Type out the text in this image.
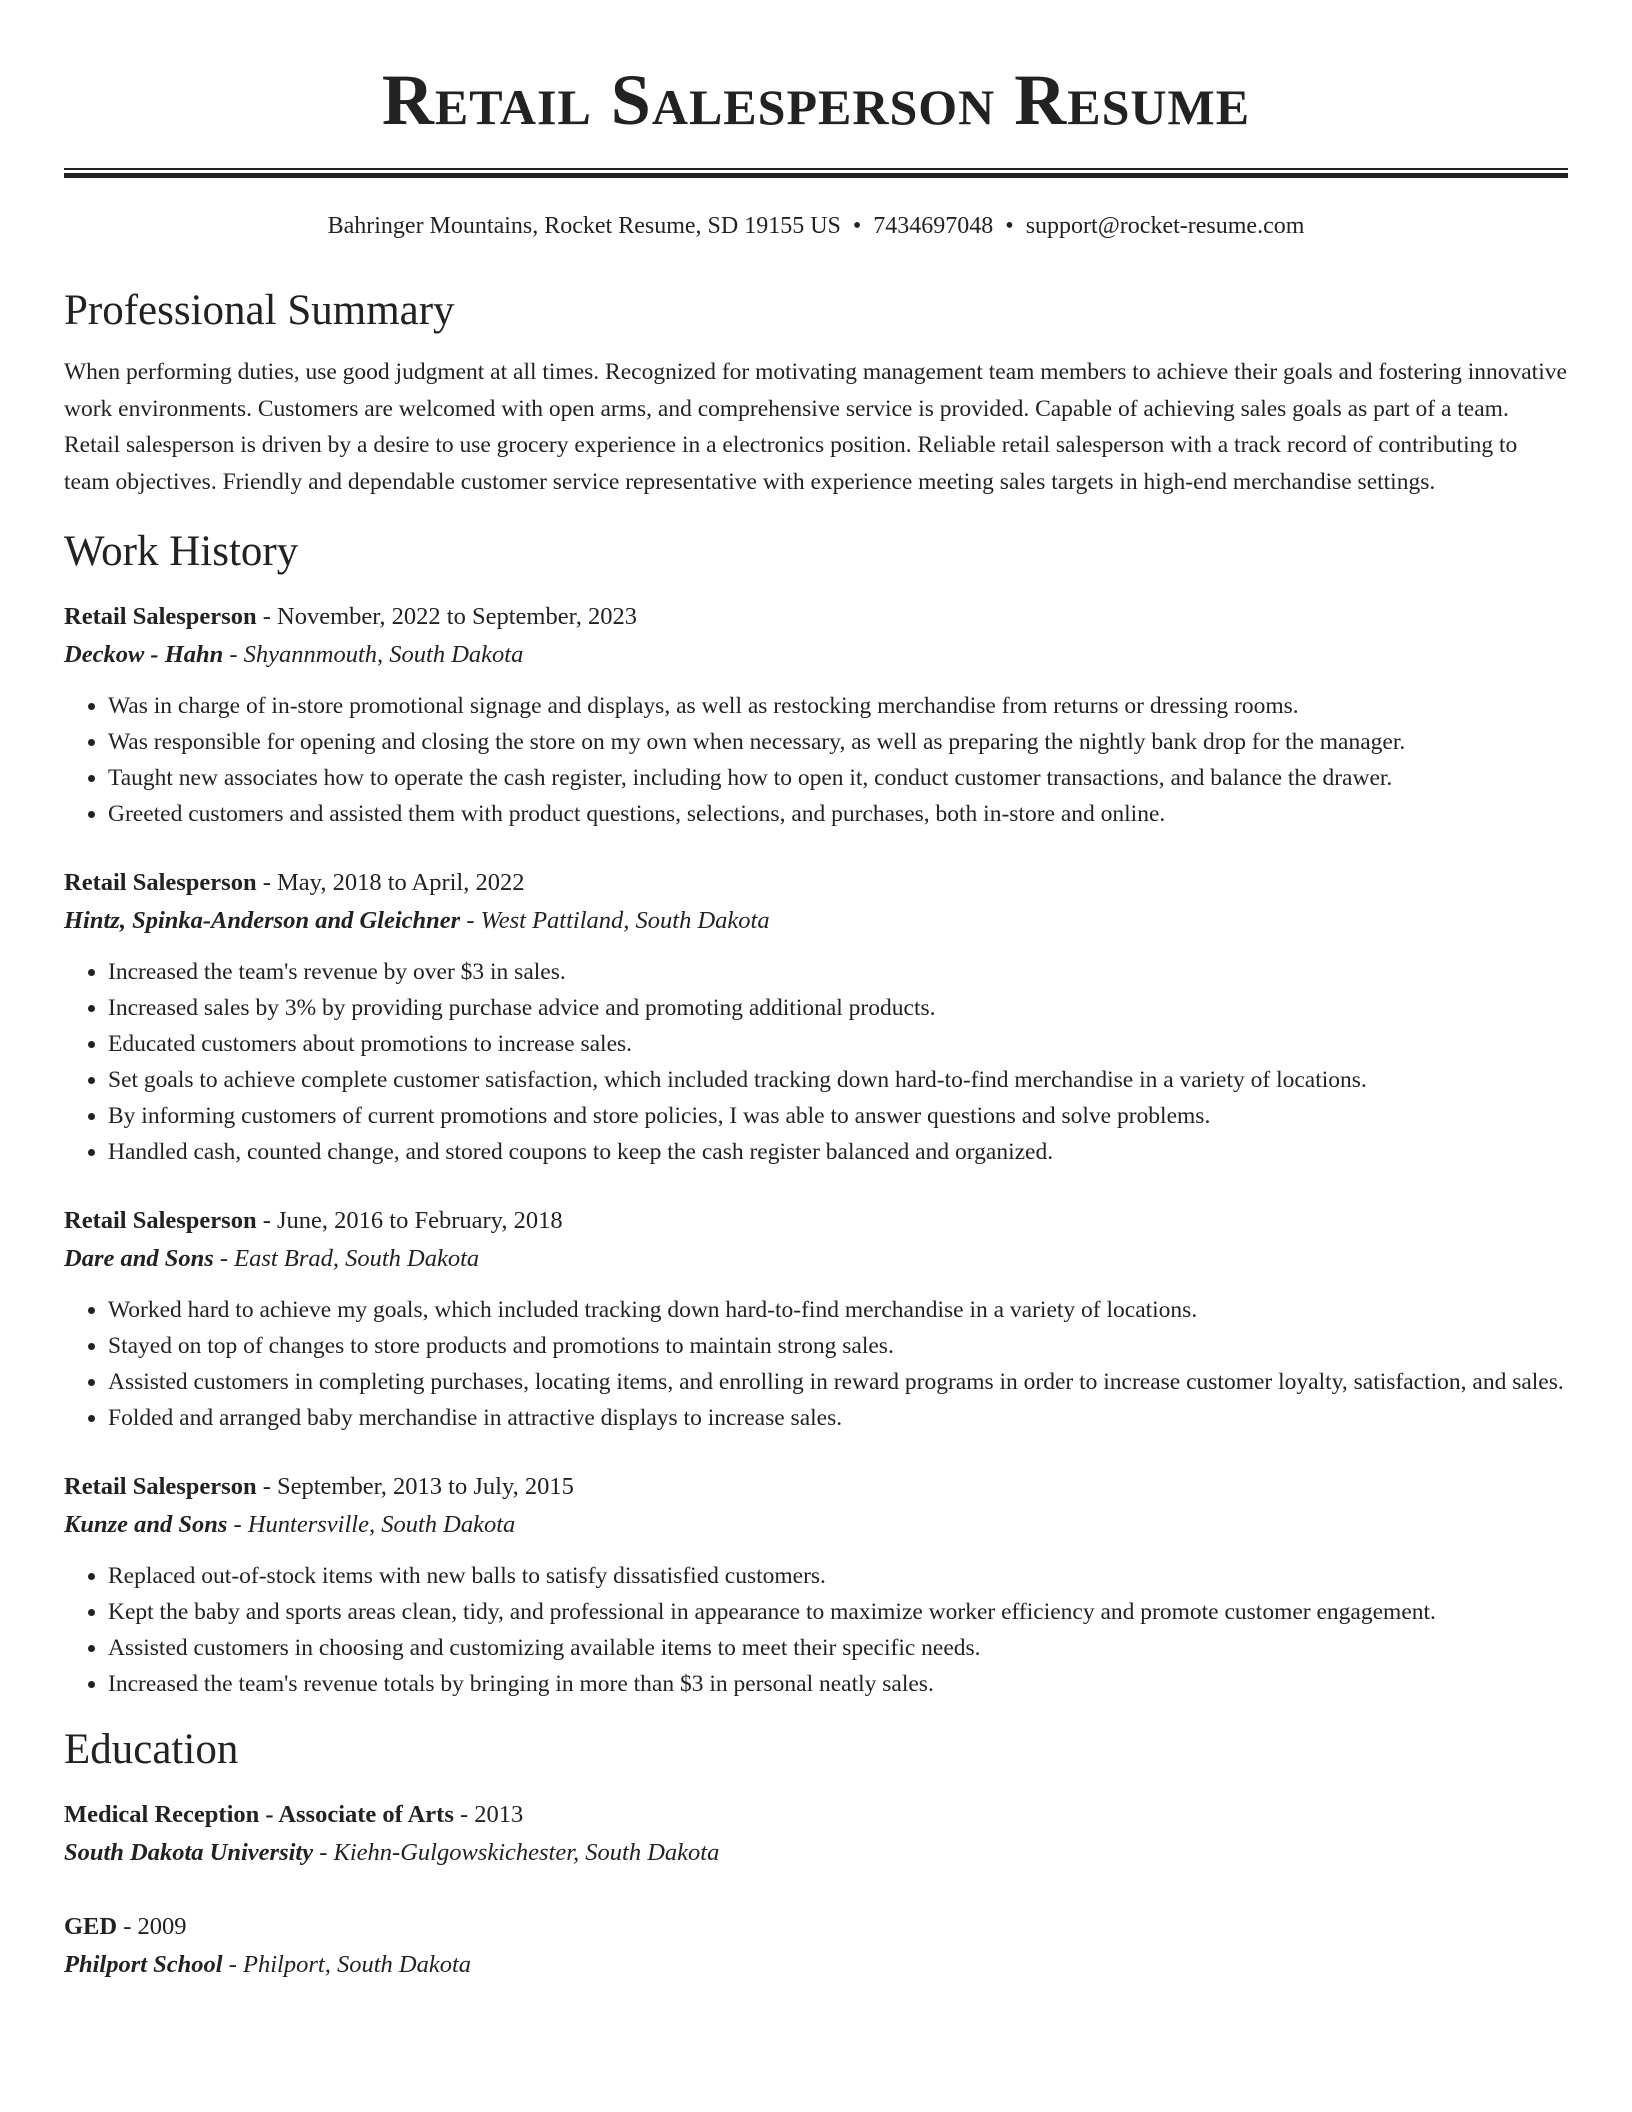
Retail Salesperson Resume
Bahringer Mountains, Rocket Resume, SD 19155 US • 7434697048 • support@rocket-resume.com
Professional Summary
When performing duties, use good judgment at all times. Recognized for motivating management team members to achieve their goals and fostering innovative work environments. Customers are welcomed with open arms, and comprehensive service is provided. Capable of achieving sales goals as part of a team. Retail salesperson is driven by a desire to use grocery experience in a electronics position. Reliable retail salesperson with a track record of contributing to team objectives. Friendly and dependable customer service representative with experience meeting sales targets in high-end merchandise settings.
Work History
Retail Salesperson - November, 2022 to September, 2023
Deckow - Hahn - Shyannmouth, South Dakota
• Was in charge of in-store promotional signage and displays, as well as restocking merchandise from returns or dressing rooms.
• Was responsible for opening and closing the store on my own when necessary, as well as preparing the nightly bank drop for the manager.
• Taught new associates how to operate the cash register, including how to open it, conduct customer transactions, and balance the drawer.
• Greeted customers and assisted them with product questions, selections, and purchases, both in-store and online.
Retail Salesperson - May, 2018 to April, 2022
Hintz, Spinka-Anderson and Gleichner - West Pattiland, South Dakota
• Increased the team's revenue by over $3 in sales.
• Increased sales by 3% by providing purchase advice and promoting additional products.
• Educated customers about promotions to increase sales.
• Set goals to achieve complete customer satisfaction, which included tracking down hard-to-find merchandise in a variety of locations.
• By informing customers of current promotions and store policies, I was able to answer questions and solve problems.
• Handled cash, counted change, and stored coupons to keep the cash register balanced and organized.
Retail Salesperson - June, 2016 to February, 2018
Dare and Sons - East Brad, South Dakota
• Worked hard to achieve my goals, which included tracking down hard-to-find merchandise in a variety of locations.
• Stayed on top of changes to store products and promotions to maintain strong sales.
• Assisted customers in completing purchases, locating items, and enrolling in reward programs in order to increase customer loyalty, satisfaction, and sales.
• Folded and arranged baby merchandise in attractive displays to increase sales.
Retail Salesperson - September, 2013 to July, 2015
Kunze and Sons - Huntersville, South Dakota
• Replaced out-of-stock items with new balls to satisfy dissatisfied customers.
• Kept the baby and sports areas clean, tidy, and professional in appearance to maximize worker efficiency and promote customer engagement.
• Assisted customers in choosing and customizing available items to meet their specific needs.
• Increased the team's revenue totals by bringing in more than $3 in personal neatly sales.
Education
Medical Reception - Associate of Arts - 2013
South Dakota University - Kiehn-Gulgowskichester, South Dakota
GED - 2009
Philport School - Philport, South Dakota
